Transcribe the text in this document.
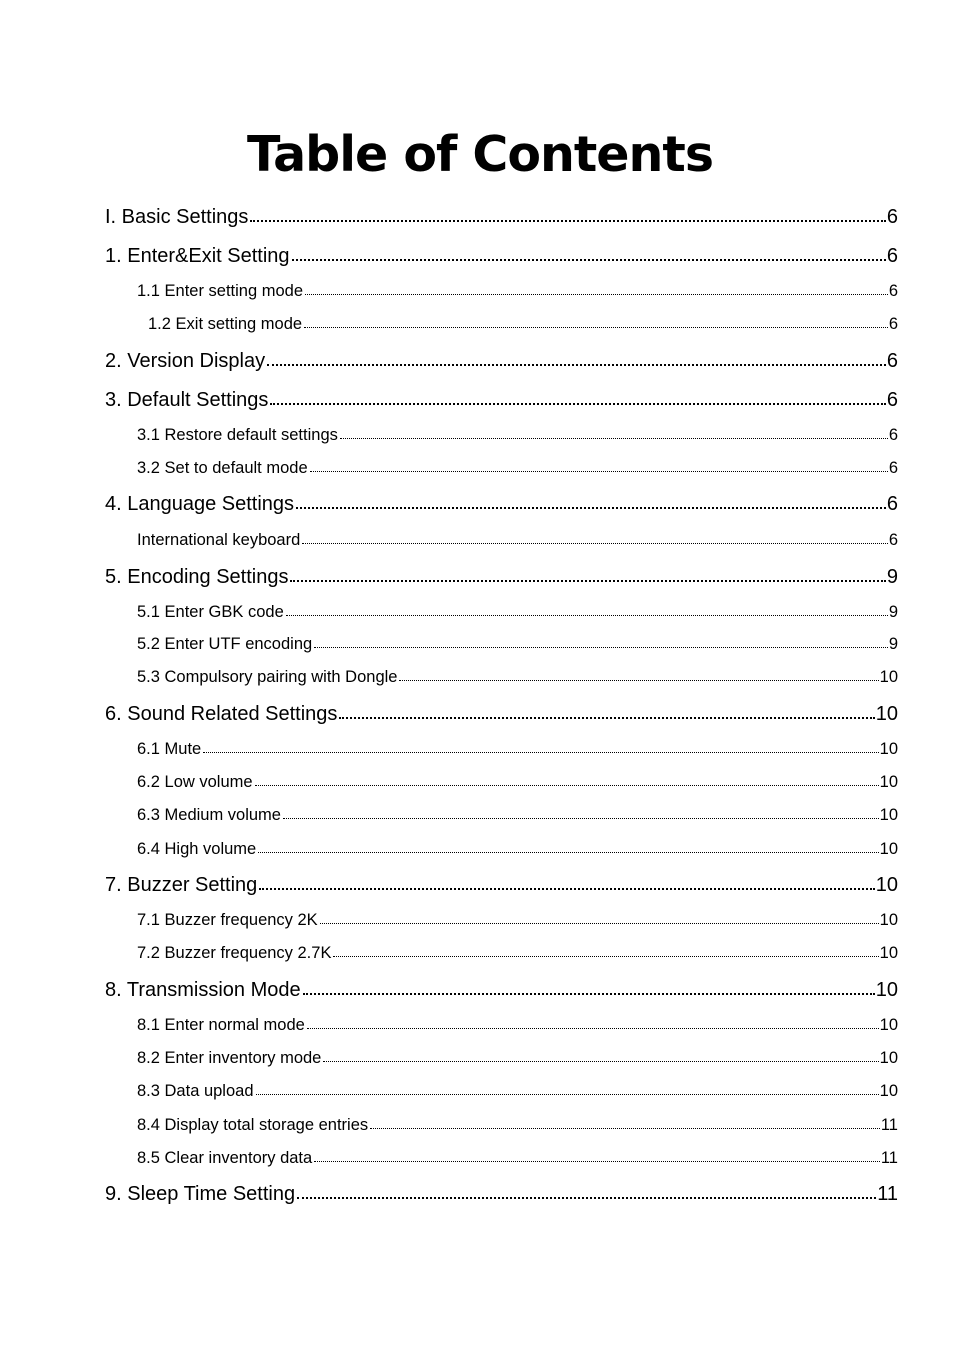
Table of Contents
I. Basic Settings	6
1. Enter&Exit Setting	6
1.1 Enter setting mode	6
1.2 Exit setting mode	6
2. Version Display	6
3. Default Settings	6
3.1 Restore default settings	6
3.2 Set to default mode	6
4. Language Settings	6
International keyboard	6
5. Encoding Settings	9
5.1 Enter GBK code	9
5.2 Enter UTF encoding	9
5.3 Compulsory pairing with Dongle	10
6. Sound Related Settings	10
6.1 Mute	10
6.2 Low volume	10
6.3 Medium volume	10
6.4 High volume	10
7. Buzzer Setting	10
7.1 Buzzer frequency 2K	10
7.2 Buzzer frequency 2.7K	10
8. Transmission Mode	10
8.1 Enter normal mode	10
8.2 Enter inventory mode	10
8.3 Data upload	10
8.4 Display total storage entries	11
8.5 Clear inventory data	11
9. Sleep Time Setting	11
